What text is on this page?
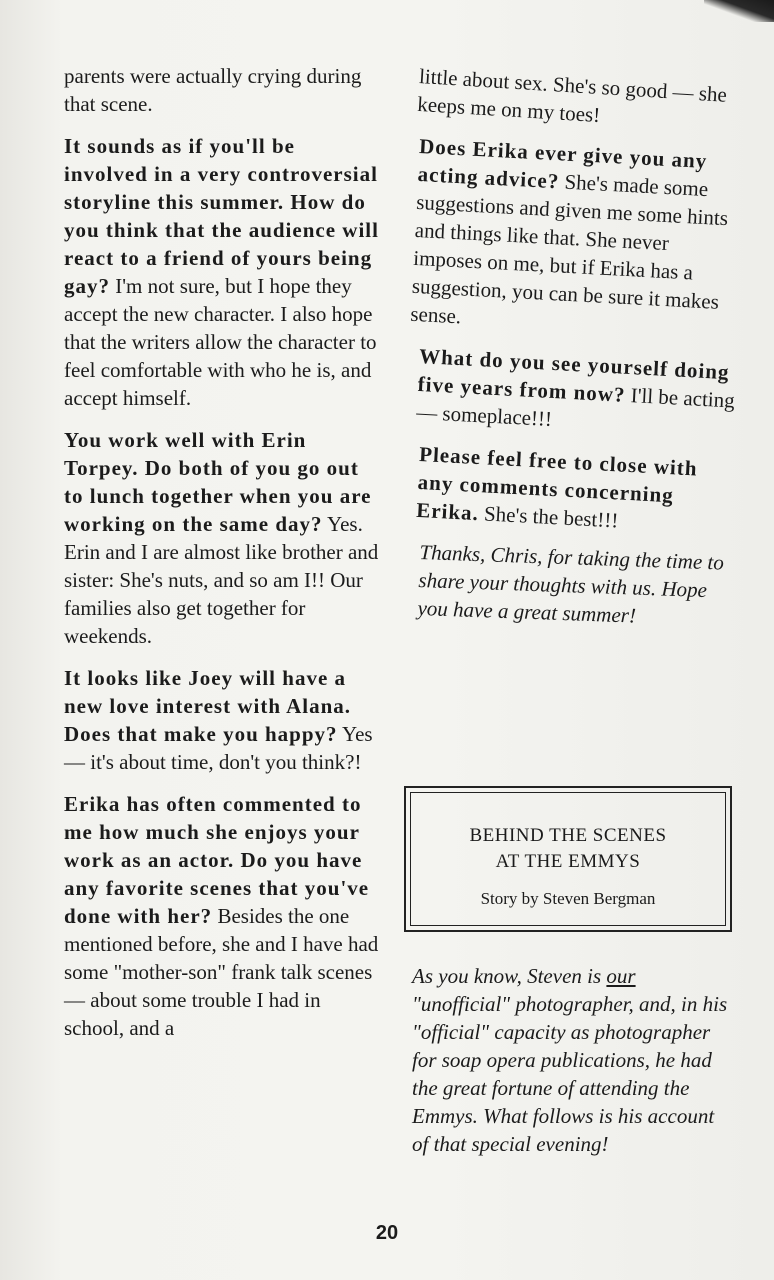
parents were actually crying during that scene.
It sounds as if you'll be involved in a very controversial storyline this summer. How do you think that the audience will react to a friend of yours being gay? I'm not sure, but I hope they accept the new character. I also hope that the writers allow the character to feel comfortable with who he is, and accept himself.
You work well with Erin Torpey. Do both of you go out to lunch together when you are working on the same day? Yes. Erin and I are almost like brother and sister: She's nuts, and so am I!! Our families also get together for weekends.
It looks like Joey will have a new love interest with Alana. Does that make you happy? Yes — it's about time, don't you think?!
Erika has often commented to me how much she enjoys your work as an actor. Do you have any favorite scenes that you've done with her? Besides the one mentioned before, she and I have had some "mother-son" frank talk scenes — about some trouble I had in school, and a
little about sex. She's so good — she keeps me on my toes!
Does Erika ever give you any acting advice? She's made some suggestions and given me some hints and things like that. She never imposes on me, but if Erika has a suggestion, you can be sure it makes sense.
What do you see yourself doing five years from now? I'll be acting — someplace!!!
Please feel free to close with any comments concerning Erika. She's the best!!!
Thanks, Chris, for taking the time to share your thoughts with us. Hope you have a great summer!
BEHIND THE SCENES
AT THE EMMYS
Story by Steven Bergman
As you know, Steven is our "unofficial" photographer, and, in his "official" capacity as photographer for soap opera publications, he had the great fortune of attending the Emmys. What follows is his account of that special evening!
20
